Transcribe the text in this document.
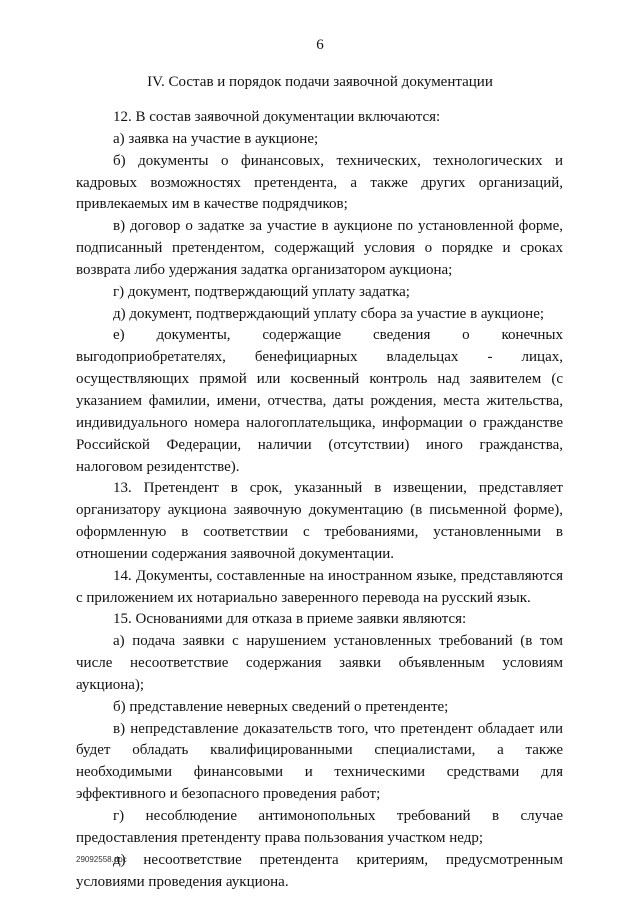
6
IV. Состав и порядок подачи заявочной документации

12. В состав заявочной документации включаются:

а) заявка на участие в аукционе;

б) документы о финансовых, технических, технологических и кадровых возможностях претендента, а также других организаций, привлекаемых им в качестве подрядчиков;

в) договор о задатке за участие в аукционе по установленной форме, подписанный претендентом, содержащий условия о порядке и сроках возврата либо удержания задатка организатором аукциона;

г) документ, подтверждающий уплату задатка;

д) документ, подтверждающий уплату сбора за участие в аукционе;

е) документы, содержащие сведения о конечных выгодоприобретателях, бенефициарных владельцах - лицах, осуществляющих прямой или косвенный контроль над заявителем (с указанием фамилии, имени, отчества, даты рождения, места жительства, индивидуального номера налогоплательщика, информации о гражданстве Российской Федерации, наличии (отсутствии) иного гражданства, налоговом резидентстве).

13. Претендент в срок, указанный в извещении, представляет организатору аукциона заявочную документацию (в письменной форме), оформленную в соответствии с требованиями, установленными в отношении содержания заявочной документации.

14. Документы, составленные на иностранном языке, представляются с приложением их нотариально заверенного перевода на русский язык.

15. Основаниями для отказа в приеме заявки являются:

а) подача заявки с нарушением установленных требований (в том числе несоответствие содержания заявки объявленным условиям аукциона);

б) представление неверных сведений о претенденте;

в) непредставление доказательств того, что претендент обладает или будет обладать квалифицированными специалистами, а также необходимыми финансовыми и техническими средствами для эффективного и безопасного проведения работ;

г) несоблюдение антимонопольных требований в случае предоставления претенденту права пользования участком недр;

д) несоответствие претендента критериям, предусмотренным условиями проведения аукциона.

29092558.doc
